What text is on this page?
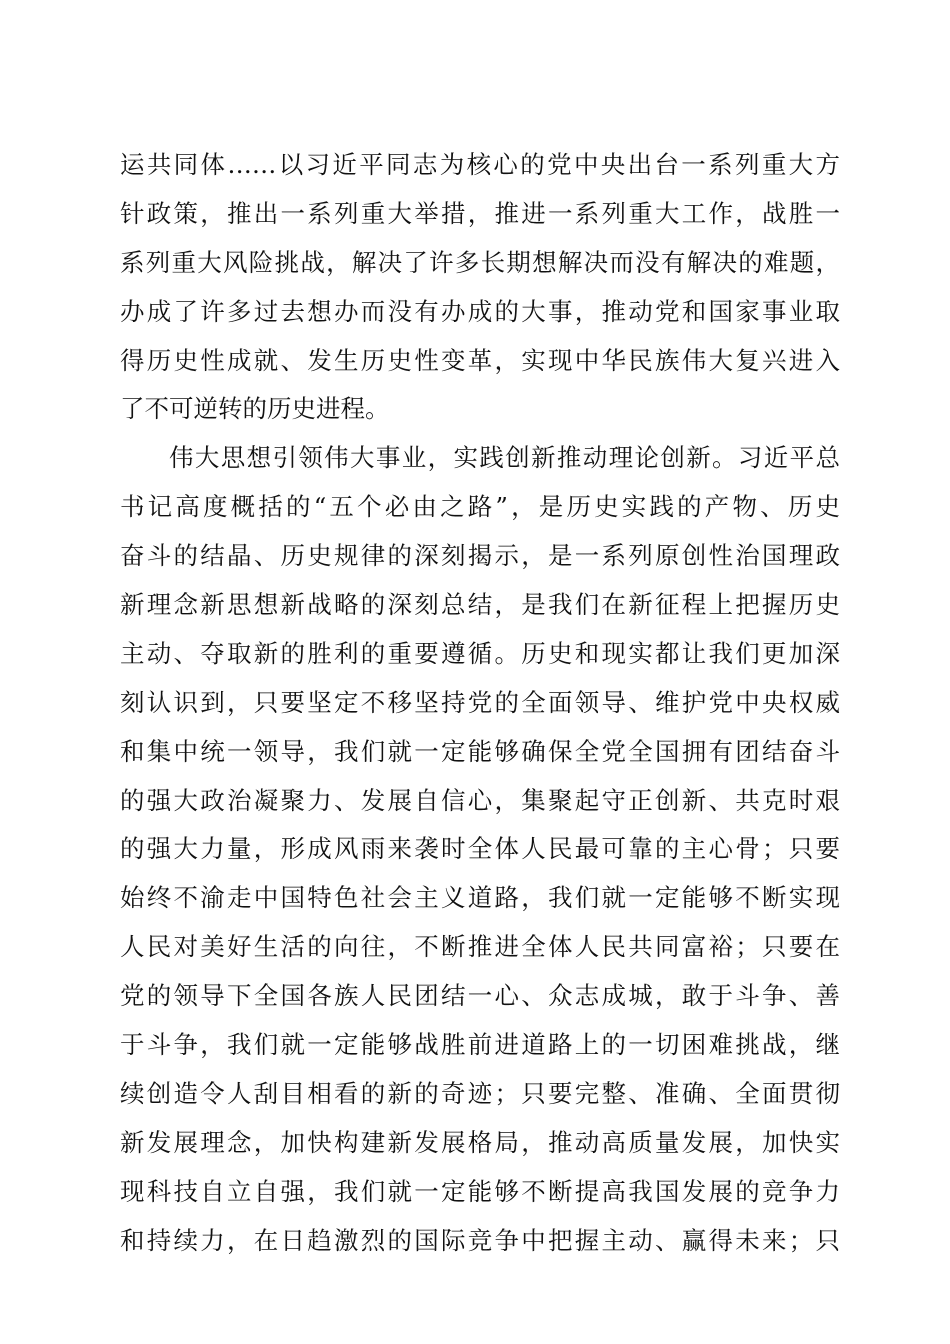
运共同体……以习近平同志为核心的党中央出台一系列重大方
针政策，推出一系列重大举措，推进一系列重大工作，战胜一
系列重大风险挑战，解决了许多长期想解决而没有解决的难题，
办成了许多过去想办而没有办成的大事，推动党和国家事业取
得历史性成就、发生历史性变革，实现中华民族伟大复兴进入
了不可逆转的历史进程。
伟大思想引领伟大事业，实践创新推动理论创新。习近平总
书记高度概括的“五个必由之路”，是历史实践的产物、历史
奋斗的结晶、历史规律的深刻揭示，是一系列原创性治国理政
新理念新思想新战略的深刻总结，是我们在新征程上把握历史
主动、夺取新的胜利的重要遵循。历史和现实都让我们更加深
刻认识到，只要坚定不移坚持党的全面领导、维护党中央权威
和集中统一领导，我们就一定能够确保全党全国拥有团结奋斗
的强大政治凝聚力、发展自信心，集聚起守正创新、共克时艰
的强大力量，形成风雨来袭时全体人民最可靠的主心骨；只要
始终不渝走中国特色社会主义道路，我们就一定能够不断实现
人民对美好生活的向往，不断推进全体人民共同富裕；只要在
党的领导下全国各族人民团结一心、众志成城，敢于斗争、善
于斗争，我们就一定能够战胜前进道路上的一切困难挑战，继
续创造令人刮目相看的新的奇迹；只要完整、准确、全面贯彻
新发展理念，加快构建新发展格局，推动高质量发展，加快实
现科技自立自强，我们就一定能够不断提高我国发展的竞争力
和持续力，在日趋激烈的国际竞争中把握主动、赢得未来；只
